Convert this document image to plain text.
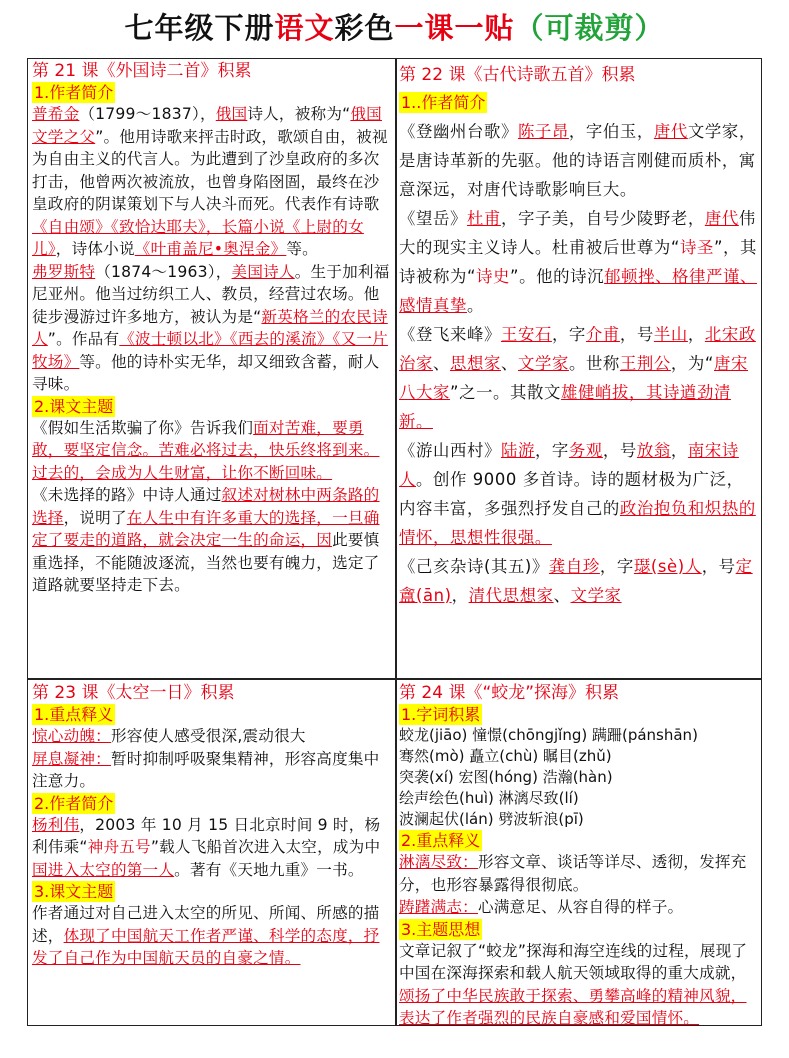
七年级下册语文彩色一课一贴（可裁剪）
第 21 课《外国诗二首》积累
1.作者简介
普希金（1799～1837），俄国诗人，被称为“俄国文学之父”。他用诗歌来抨击时政，歌颂自由，被视为自由主义的代言人。为此遭到了沙皇政府的多次打击，他曾两次被流放，也曾身陷囹圄，最终在沙皇政府的阴谋策划下与人决斗而死。代表作有诗歌《自由颂》《致恰达耶夫》，长篇小说《上尉的女儿》，诗体小说《叶甫盖尼•奥涅金》等。
弗罗斯特（1874～1963），美国诗人。生于加利福尼亚州。他当过纺织工人、教员，经营过农场。他徒步漫游过许多地方，被认为是“新英格兰的农民诗人”。作品有《波士顿以北》《西去的溪流》《又一片牧场》等。他的诗朴实无华，却又细致含蓄，耐人寻味。
2.课文主题
《假如生活欺骗了你》告诉我们面对苦难，要勇敢，要坚定信念。苦难必将过去，快乐终将到来。过去的，会成为人生财富，让你不断回味。
《未选择的路》中诗人通过叙述对树林中两条路的选择，说明了在人生中有许多重大的选择，一旦确定了要走的道路，就会决定一生的命运，因此要慎重选择，不能随波逐流，当然也要有魄力，选定了道路就要坚持走下去。
第 22 课《古代诗歌五首》积累
1..作者简介
《登幽州台歌》陈子昂，字伯玉，唐代文学家，是唐诗革新的先驱。他的诗语言刚健而质朴，寓意深远，对唐代诗歌影响巨大。
《望岳》杜甫，字子美，自号少陵野老，唐代伟大的现实主义诗人。杜甫被后世尊为“诗圣”，其诗被称为“诗史”。他的诗沉郁顿挫、格律严谨、感情真挚。
《登飞来峰》王安石，字介甫，号半山，北宋政治家、思想家、文学家。世称王荆公，为“唐宋八大家”之一。其散文雄健峭拔，其诗遒劲清新。
《游山西村》陆游，字务观，号放翁，南宋诗人。创作 9000 多首诗。诗的题材极为广泛，内容丰富，多强烈抒发自己的政治抱负和炽热的情怀，思想性很强。
《己亥杂诗(其五)》龚自珍，字璱(sè)人，号定盦(ān)，清代思想家、文学家
第 23 课《太空一日》积累
1.重点释义
惊心动魄：形容使人感受很深,震动很大
屏息凝神：暂时抑制呼吸聚集精神，形容高度集中注意力。
2.作者简介
杨利伟，2003 年 10 月 15 日北京时间 9 时，杨利伟乘“神舟五号”载人飞船首次进入太空，成为中国进入太空的第一人。著有《天地九重》一书。
3.课文主题
作者通过对自己进入太空的所见、所闻、所感的描述，体现了中国航天工作者严谨、科学的态度，抒发了自己作为中国航天员的自豪之情。
第 24 课《“蛟龙”探海》积累
1.字词积累
蛟龙(jiāo) 憧憬(chōngjǐng) 蹒跚(pánshān)
骞然(mò) 矗立(chù) 瞩目(zhǔ)
突袭(xí) 宏图(hóng) 浩瀚(hàn)
绘声绘色(huì) 淋漓尽致(lí)
波澜起伏(lán) 劈波斩浪(pī)
2.重点释义
淋漓尽致：形容文章、谈话等详尽、透彻，发挥充分，也形容暴露得很彻底。
踌躇满志：心满意足、从容自得的样子。
3.主题思想
文章记叙了“蛟龙”探海和海空连线的过程，展现了中国在深海探索和载人航天领域取得的重大成就，颂扬了中华民族敢于探索、勇攀高峰的精神风貌，表达了作者强烈的民族自豪感和爱国情怀。
